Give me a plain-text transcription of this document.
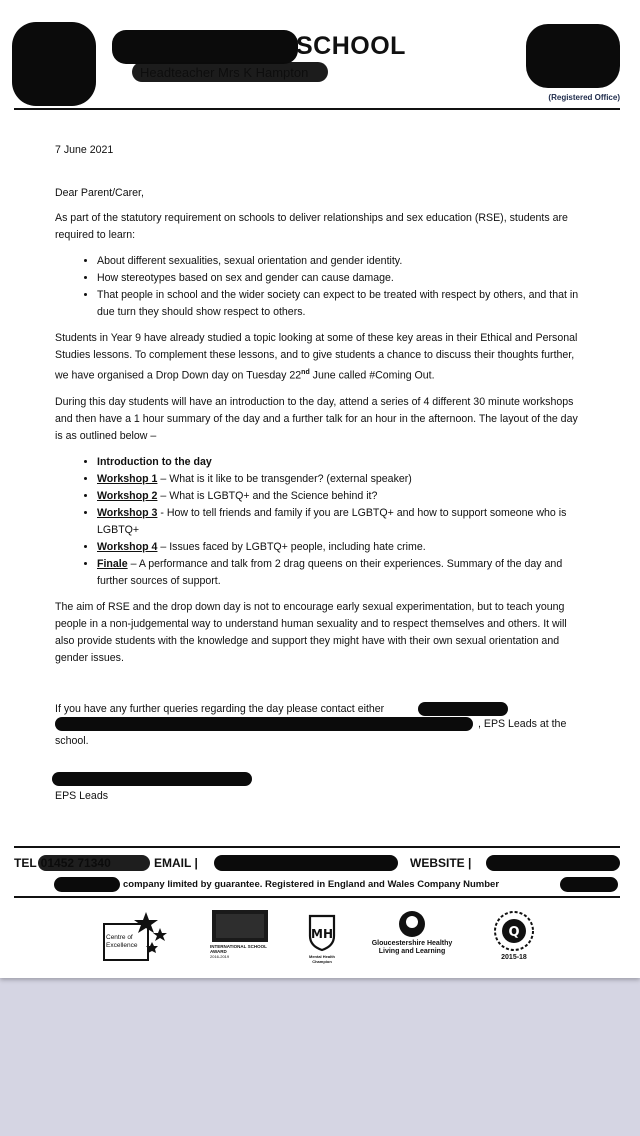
SCHOOL
(Registered Office)

7 June 2021

Dear Parent/Carer,

As part of the statutory requirement on schools to deliver relationships and sex education (RSE), students are required to learn:

• About different sexualities, sexual orientation and gender identity.
• How stereotypes based on sex and gender can cause damage.
• That people in school and the wider society can expect to be treated with respect by others, and that in due turn they should show respect to others.

Students in Year 9 have already studied a topic looking at some of these key areas in their Ethical and Personal Studies lessons. To complement these lessons, and to give students a chance to discuss their thoughts further, we have organised a Drop Down day on Tuesday 22nd June called #Coming Out.

During this day students will have an introduction to the day, attend a series of 4 different 30 minute workshops and then have a 1 hour summary of the day and a further talk for an hour in the afternoon. The layout of the day is as outlined below –

• Introduction to the day
• Workshop 1 – What is it like to be transgender? (external speaker)
• Workshop 2 – What is LGBTQ+ and the Science behind it?
• Workshop 3 - How to tell friends and family if you are LGBTQ+ and how to support someone who is LGBTQ+
• Workshop 4 – Issues faced by LGBTQ+ people, including hate crime.
• Finale – A performance and talk from 2 drag queens on their experiences. Summary of the day and further sources of support.

The aim of RSE and the drop down day is not to encourage early sexual experimentation, but to teach young people in a non-judgemental way to understand human sexuality and to respect themselves and others. It will also provide students with the knowledge and support they might have with their own sexual orientation and gender issues.

If you have any further queries regarding the day please contact either
, EPS Leads at the
school.
EPS Leads
TEL	EMAIL |	WEBSITE |
company limited by guarantee. Registered in England and Wales Company Number
Centre of Excellence	INTERNATIONAL SCHOOL AWARD
2016-2019
MH
Mental Health Champion
Gloucestershire Healthy Living and Learning
Q
2015-18
